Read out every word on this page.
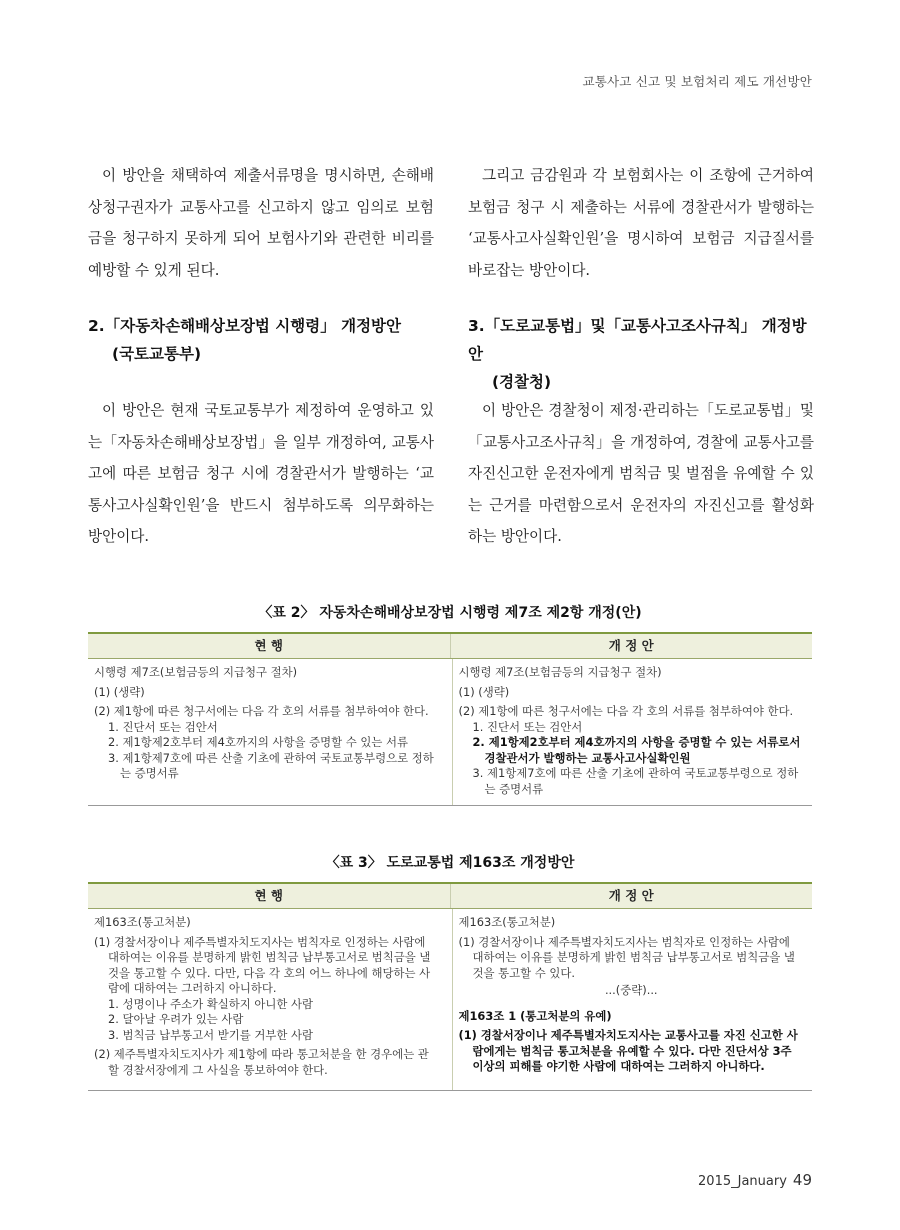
교통사고 신고 및 보험처리 제도 개선방안

이 방안을 채택하여 제출서류명을 명시하면, 손해배상청구권자가 교통사고를 신고하지 않고 임의로 보험금을 청구하지 못하게 되어 보험사기와 관련한 비리를 예방할 수 있게 된다.

그리고 금감원과 각 보험회사는 이 조항에 근거하여 보험금 청구 시 제출하는 서류에 경찰관서가 발행하는 ‘교통사고사실확인원’을 명시하여 보험금 지급질서를 바로잡는 방안이다.

2.「자동차손해배상보장법 시행령」 개정방안
(국토교통부)

3.「도로교통법」및「교통사고조사규칙」 개정방안
(경찰청)

이 방안은 현재 국토교통부가 제정하여 운영하고 있는「자동차손해배상보장법」을 일부 개정하여, 교통사고에 따른 보험금 청구 시에 경찰관서가 발행하는 ‘교통사고사실확인원’을 반드시 첨부하도록 의무화하는 방안이다.

이 방안은 경찰청이 제정·관리하는「도로교통법」및「교통사고조사규칙」을 개정하여, 경찰에 교통사고를 자진신고한 운전자에게 범칙금 및 벌점을 유예할 수 있는 근거를 마련함으로서 운전자의 자진신고를 활성화하는 방안이다.

〈표 2〉 자동차손해배상보장법 시행령 제7조 제2항 개정(안)
현 행	개 정 안

시행령 제7조(보험금등의 지급청구 절차)

(1) (생략)

(2) 제1항에 따른 청구서에는 다음 각 호의 서류를 첨부하여야 한다.

1. 진단서 또는 검안서

2. 제1항제2호부터 제4호까지의 사항을 증명할 수 있는 서류

3. 제1항제7호에 따른 산출 기초에 관하여 국토교통부령으로 정하는 증명서류

시행령 제7조(보험금등의 지급청구 절차)

(1) (생략)

(2) 제1항에 따른 청구서에는 다음 각 호의 서류를 첨부하여야 한다.

1. 진단서 또는 검안서

2. 제1항제2호부터 제4호까지의 사항을 증명할 수 있는 서류로서 경찰관서가 발행하는 교통사고사실확인원

3. 제1항제7호에 따른 산출 기초에 관하여 국토교통부령으로 정하는 증명서류

〈표 3〉 도로교통법 제163조 개정방안
현 행	개 정 안

제163조(통고처분)

(1) 경찰서장이나 제주특별자치도지사는 범칙자로 인정하는 사람에 대하여는 이유를 분명하게 밝힌 범칙금 납부통고서로 범칙금을 낼 것을 통고할 수 있다. 다만, 다음 각 호의 어느 하나에 해당하는 사람에 대하여는 그러하지 아니하다.

1. 성명이나 주소가 확실하지 아니한 사람

2. 달아날 우려가 있는 사람

3. 범칙금 납부통고서 받기를 거부한 사람

(2) 제주특별자치도지사가 제1항에 따라 통고처분을 한 경우에는 관할 경찰서장에게 그 사실을 통보하여야 한다.

제163조(통고처분)

(1) 경찰서장이나 제주특별자치도지사는 범칙자로 인정하는 사람에 대하여는 이유를 분명하게 밝힌 범칙금 납부통고서로 범칙금을 낼 것을 통고할 수 있다.

...(중략)...

제163조 1 (통고처분의 유예)

(1) 경찰서장이나 제주특별자치도지사는 교통사고를 자진 신고한 사람에게는 범칙금 통고처분을 유예할 수 있다. 다만 진단서상 3주 이상의 피해를 야기한 사람에 대하여는 그러하지 아니하다.

2015_January 49
